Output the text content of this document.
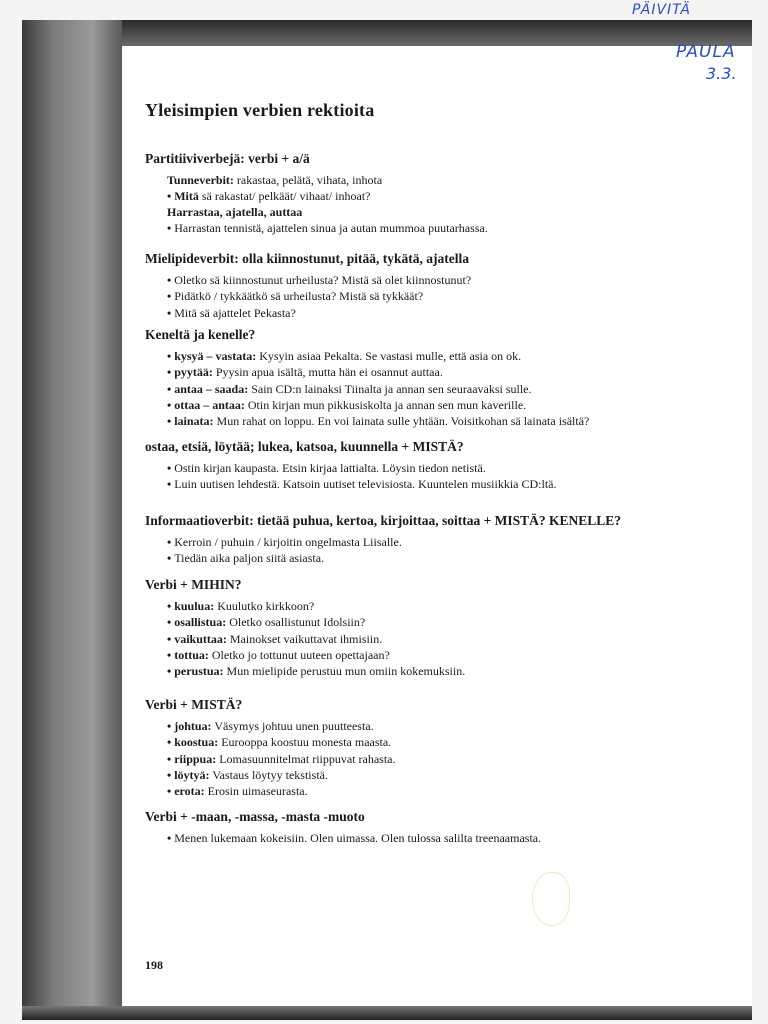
PÄIVITÄ
PAULA
3.3.
Yleisimpien verbien rektioita
Partitiiviverbejä: verbi + a/ä
Tunneverbit: rakastaa, pelätä, vihata, inhota
• Mitä sä rakastat/ pelkäät/ vihaat/ inhoat?
Harrastaa, ajatella, auttaa
• Harrastan tennistä, ajattelen sinua ja autan mummoa puutarhassa.
Mielipideverbit: olla kiinnostunut, pitää, tykätä, ajatella
• Oletko sä kiinnostunut urheilusta? Mistä sä olet kiinnostunut?
• Pidätkö / tykkäätkö sä urheilusta? Mistä sä tykkäät?
• Mitä sä ajattelet Pekasta?
Keneltä ja kenelle?
• kysyä – vastata: Kysyin asiaa Pekalta. Se vastasi mulle, että asia on ok.
• pyytää: Pyysin apua isältä, mutta hän ei osannut auttaa.
• antaa – saada: Sain CD:n lainaksi Tiinalta ja annan sen seuraavaksi sulle.
• ottaa – antaa: Otin kirjan mun pikkusiskolta ja annan sen mun kaverille.
• lainata: Mun rahat on loppu. En voi lainata sulle yhtään. Voisitkohan sä lainata isältä?
ostaa, etsiä, löytää; lukea, katsoa, kuunnella + MISTÄ?
• Ostin kirjan kaupasta. Etsin kirjaa lattialta. Löysin tiedon netistä.
• Luin uutisen lehdestä. Katsoin uutiset televisiosta. Kuuntelen musiikkia CD:ltä.
Informaatioverbit: tietää puhua, kertoa, kirjoittaa, soittaa + MISTÄ? KENELLE?
• Kerroin / puhuin / kirjoitin ongelmasta Liisalle.
• Tiedän aika paljon siitä asiasta.
Verbi + MIHIN?
• kuulua: Kuulutko kirkkoon?
• osallistua: Oletko osallistunut Idolsiin?
• vaikuttaa: Mainokset vaikuttavat ihmisiin.
• tottua: Oletko jo tottunut uuteen opettajaan?
• perustua: Mun mielipide perustuu mun omiin kokemuksiin.
Verbi + MISTÄ?
• johtua: Väsymys johtuu unen puutteesta.
• koostua: Eurooppa koostuu monesta maasta.
• riippua: Lomasuunnitelmat riippuvat rahasta.
• löytyä: Vastaus löytyy tekstistä.
• erota: Erosin uimaseurasta.
Verbi + -maan, -massa, -masta -muoto
• Menen lukemaan kokeisiin. Olen uimassa. Olen tulossa salilta treenaamasta.
198
